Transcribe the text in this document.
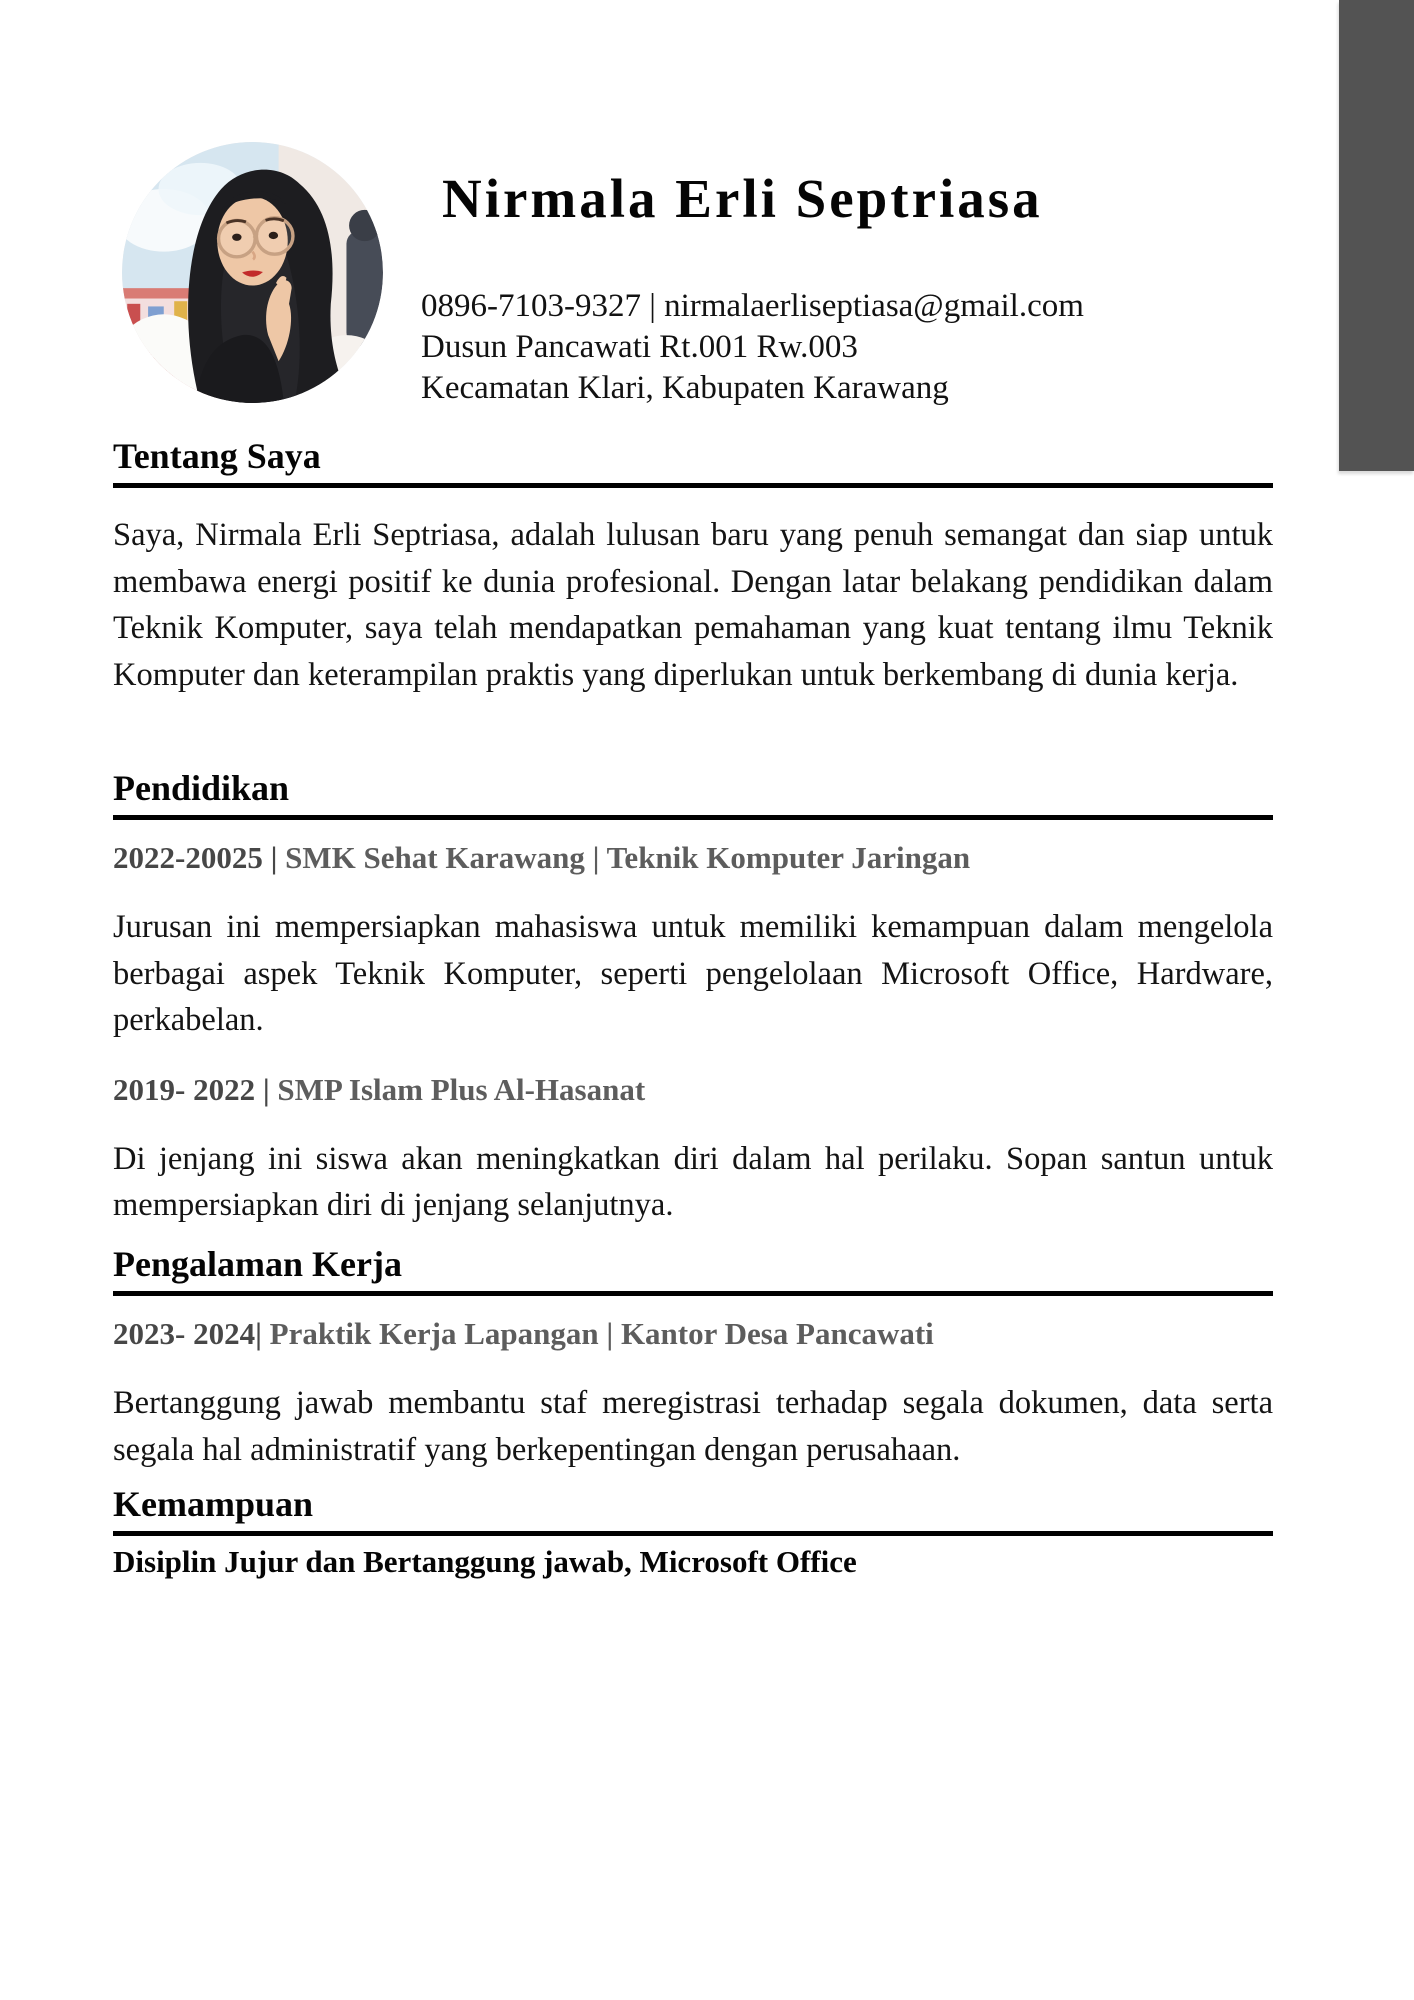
Nirmala Erli Septriasa
0896-7103-9327 | nirmalaerliseptiasa@gmail.com
Dusun Pancawati Rt.001 Rw.003
Kecamatan Klari, Kabupaten Karawang
Tentang Saya

Saya, Nirmala Erli Septriasa, adalah lulusan baru yang penuh semangat dan siap untuk membawa energi positif ke dunia profesional. Dengan latar belakang pendidikan dalam Teknik Komputer, saya telah mendapatkan pemahaman yang kuat tentang ilmu Teknik Komputer dan keterampilan praktis yang diperlukan untuk berkembang di dunia kerja.

Pendidikan
2022-20025 | SMK Sehat Karawang | Teknik Komputer Jaringan

Jurusan ini mempersiapkan mahasiswa untuk memiliki kemampuan dalam mengelola berbagai aspek Teknik Komputer, seperti pengelolaan Microsoft Office, Hardware, perkabelan.

2019- 2022 | SMP Islam Plus Al-Hasanat

Di jenjang ini siswa akan meningkatkan diri dalam hal perilaku. Sopan santun untuk mempersiapkan diri di jenjang selanjutnya.

Pengalaman Kerja
2023- 2024| Praktik Kerja Lapangan | Kantor Desa Pancawati

Bertanggung jawab membantu staf meregistrasi terhadap segala dokumen, data serta segala hal administratif yang berkepentingan dengan perusahaan.

Kemampuan

Disiplin Jujur dan Bertanggung jawab, Microsoft Office
